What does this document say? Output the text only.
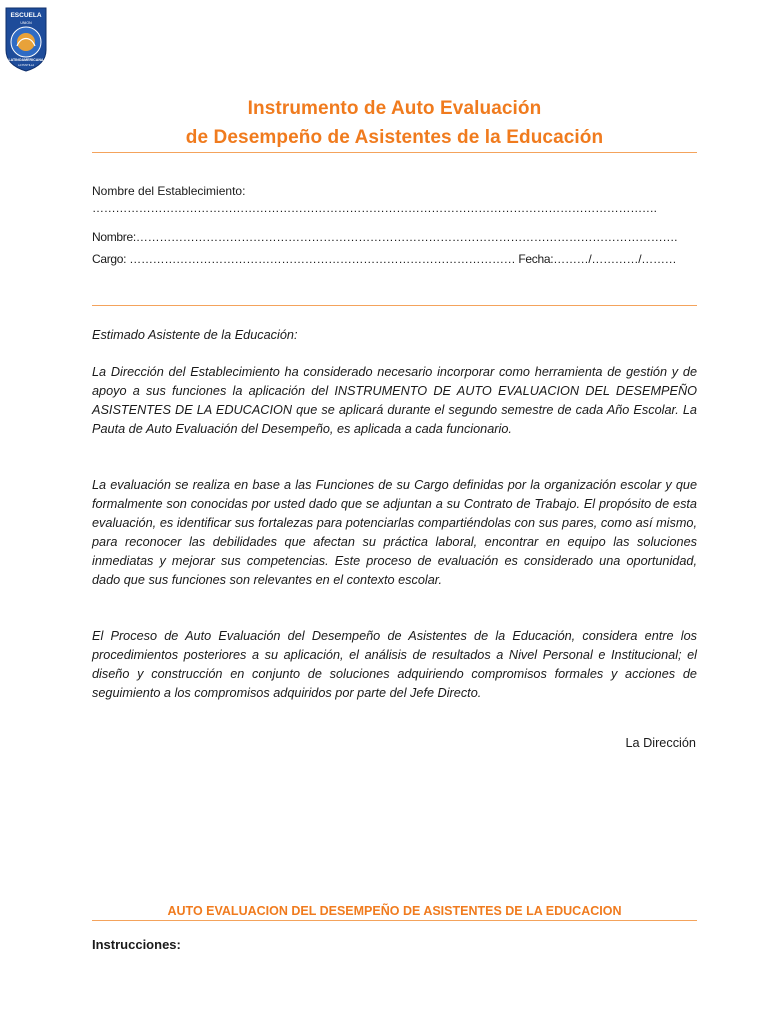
ESCUELA
UNION
LATINOAMERICANA
LA PUNTILLA
Instrumento de Auto Evaluación
de Desempeño de Asistentes de la Educación
Nombre del Establecimiento:
……………………………………………………………………………………………………………………………….
Nombre:………………………………………………………………………………………………………………………….
Cargo: ……………………………………………………………………………………… Fecha:………/…………/………
Estimado Asistente de la Educación:
La Dirección del Establecimiento ha considerado necesario incorporar como herramienta de gestión y de apoyo a sus funciones la aplicación del INSTRUMENTO DE AUTO EVALUACION DEL DESEMPEÑO ASISTENTES DE LA EDUCACION que se aplicará durante el segundo semestre de cada Año Escolar. La Pauta de Auto Evaluación del Desempeño, es aplicada a cada funcionario.
La evaluación se realiza en base a las Funciones de su Cargo definidas por la organización escolar y que formalmente son conocidas por usted dado que se adjuntan a su Contrato de Trabajo. El propósito de esta evaluación, es identificar sus fortalezas para potenciarlas compartiéndolas con sus pares, como así mismo, para reconocer las debilidades que afectan su práctica laboral, encontrar en equipo las soluciones inmediatas y mejorar sus competencias. Este proceso de evaluación es considerado una oportunidad, dado que sus funciones son relevantes en el contexto escolar.
El Proceso de Auto Evaluación del Desempeño de Asistentes de la Educación, considera entre los procedimientos posteriores a su aplicación, el análisis de resultados a Nivel Personal e Institucional; el diseño y construcción en conjunto de soluciones adquiriendo compromisos formales y acciones de seguimiento a los compromisos adquiridos por parte del Jefe Directo.
La Dirección
AUTO EVALUACION DEL DESEMPEÑO DE ASISTENTES DE LA EDUCACION
Instrucciones:
